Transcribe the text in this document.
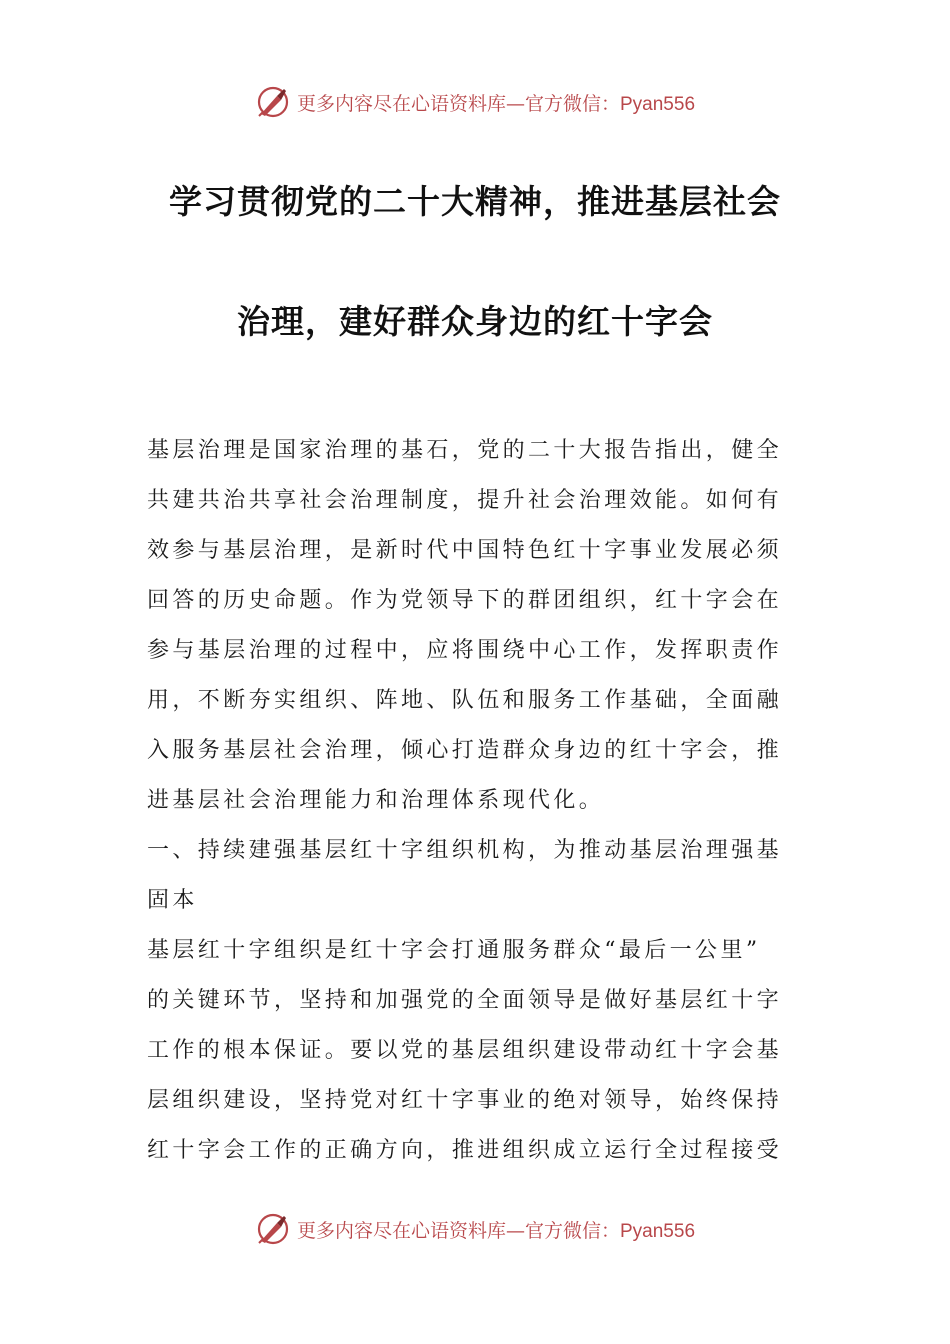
更多内容尽在心语资料库—官方微信：Pyan556
学习贯彻党的二十大精神，推进基层社会
治理，建好群众身边的红十字会
基层治理是国家治理的基石，党的二十大报告指出，健全
共建共治共享社会治理制度，提升社会治理效能。如何有
效参与基层治理，是新时代中国特色红十字事业发展必须
回答的历史命题。作为党领导下的群团组织，红十字会在
参与基层治理的过程中，应将围绕中心工作，发挥职责作
用，不断夯实组织、阵地、队伍和服务工作基础，全面融
入服务基层社会治理，倾心打造群众身边的红十字会，推
进基层社会治理能力和治理体系现代化。
一、持续建强基层红十字组织机构，为推动基层治理强基
固本
基层红十字组织是红十字会打通服务群众“最后一公里”
的关键环节，坚持和加强党的全面领导是做好基层红十字
工作的根本保证。要以党的基层组织建设带动红十字会基
层组织建设，坚持党对红十字事业的绝对领导，始终保持
红十字会工作的正确方向，推进组织成立运行全过程接受
更多内容尽在心语资料库—官方微信：Pyan556
